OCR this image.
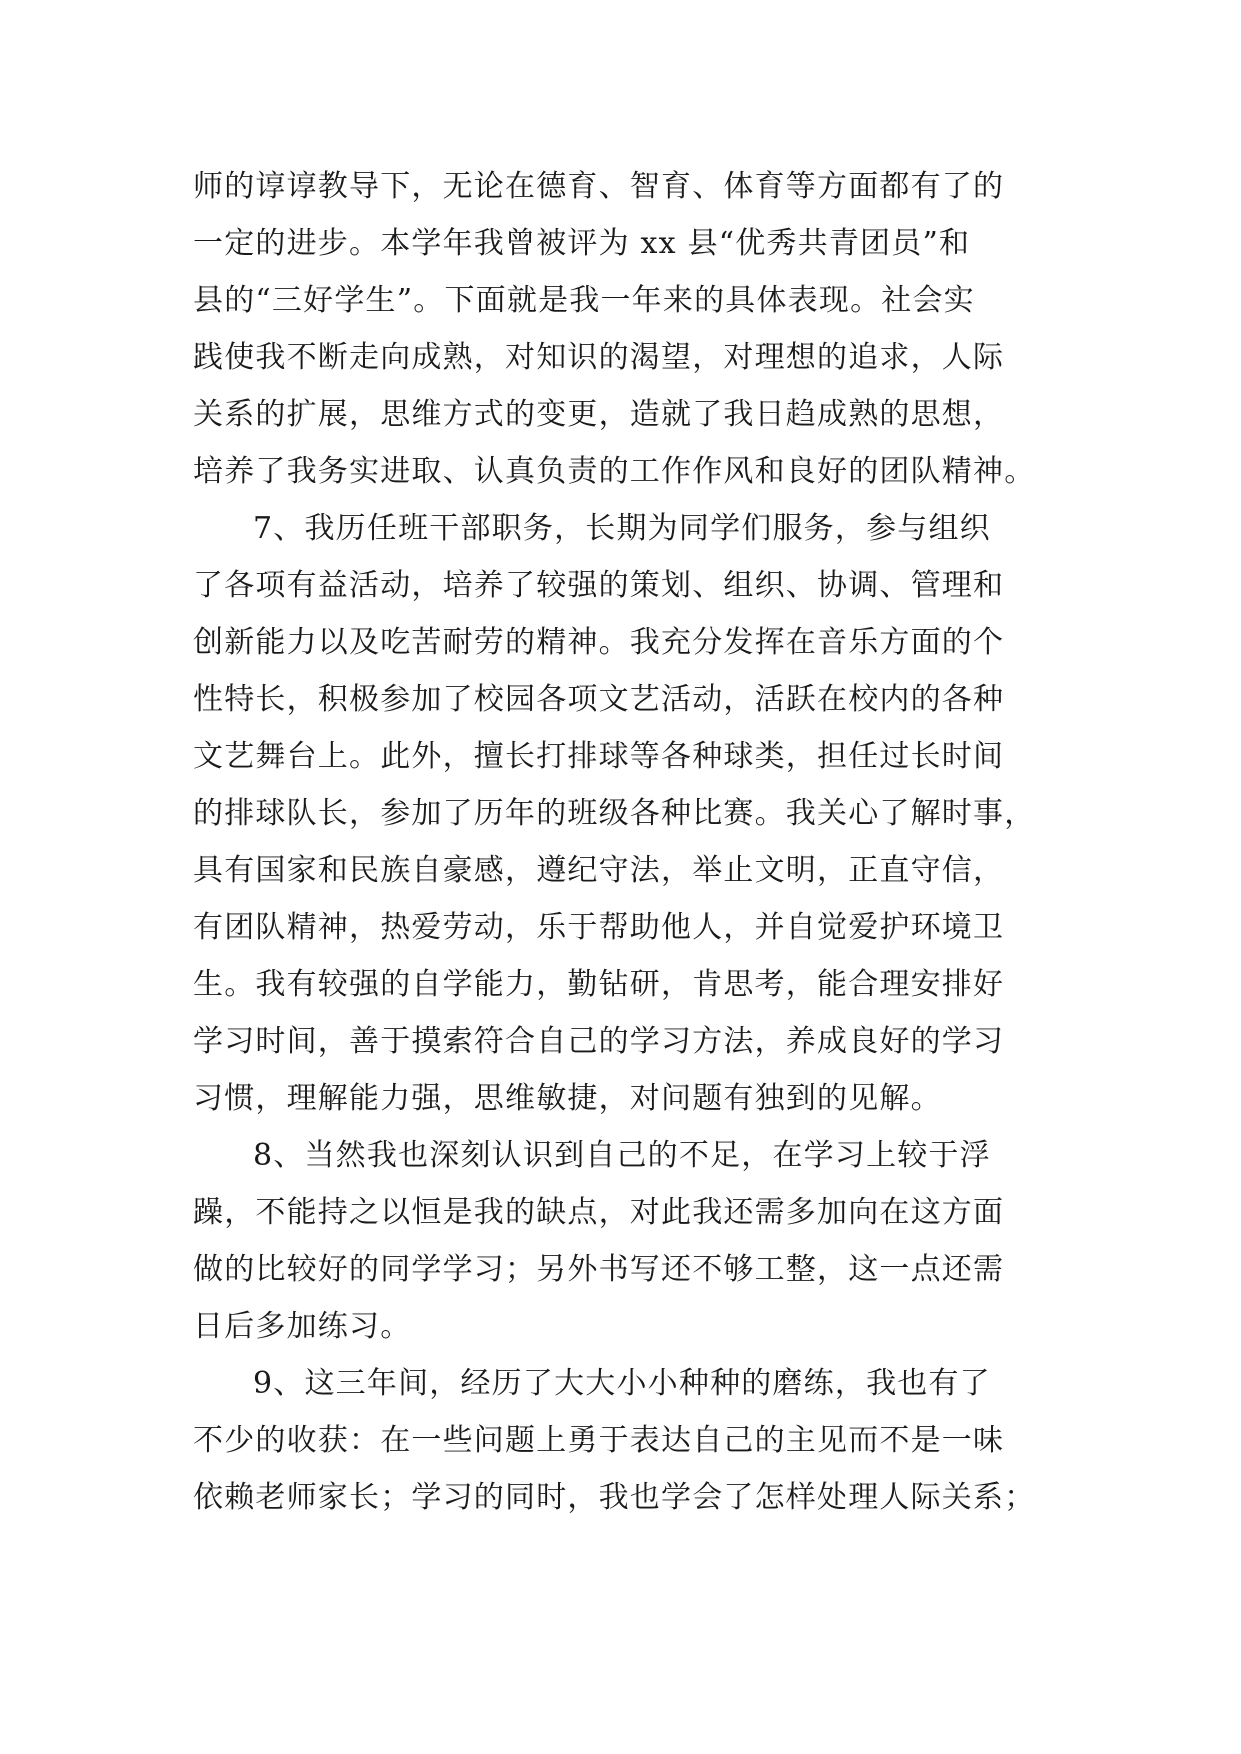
师的谆谆教导下，无论在德育、智育、体育等方面都有了的
一定的进步。本学年我曾被评为 xx 县“优秀共青团员”和
县的“三好学生”。下面就是我一年来的具体表现。社会实
践使我不断走向成熟，对知识的渴望，对理想的追求，人际
关系的扩展，思维方式的变更，造就了我日趋成熟的思想，
培养了我务实进取、认真负责的工作作风和良好的团队精神。
7、我历任班干部职务，长期为同学们服务，参与组织
了各项有益活动，培养了较强的策划、组织、协调、管理和
创新能力以及吃苦耐劳的精神。我充分发挥在音乐方面的个
性特长，积极参加了校园各项文艺活动，活跃在校内的各种
文艺舞台上。此外，擅长打排球等各种球类，担任过长时间
的排球队长，参加了历年的班级各种比赛。我关心了解时事，
具有国家和民族自豪感，遵纪守法，举止文明，正直守信，
有团队精神，热爱劳动，乐于帮助他人，并自觉爱护环境卫
生。我有较强的自学能力，勤钻研，肯思考，能合理安排好
学习时间，善于摸索符合自己的学习方法，养成良好的学习
习惯，理解能力强，思维敏捷，对问题有独到的见解。
8、当然我也深刻认识到自己的不足，在学习上较于浮
躁，不能持之以恒是我的缺点，对此我还需多加向在这方面
做的比较好的同学学习；另外书写还不够工整，这一点还需
日后多加练习。
9、这三年间，经历了大大小小种种的磨练，我也有了
不少的收获：在一些问题上勇于表达自己的主见而不是一味
依赖老师家长；学习的同时，我也学会了怎样处理人际关系；
